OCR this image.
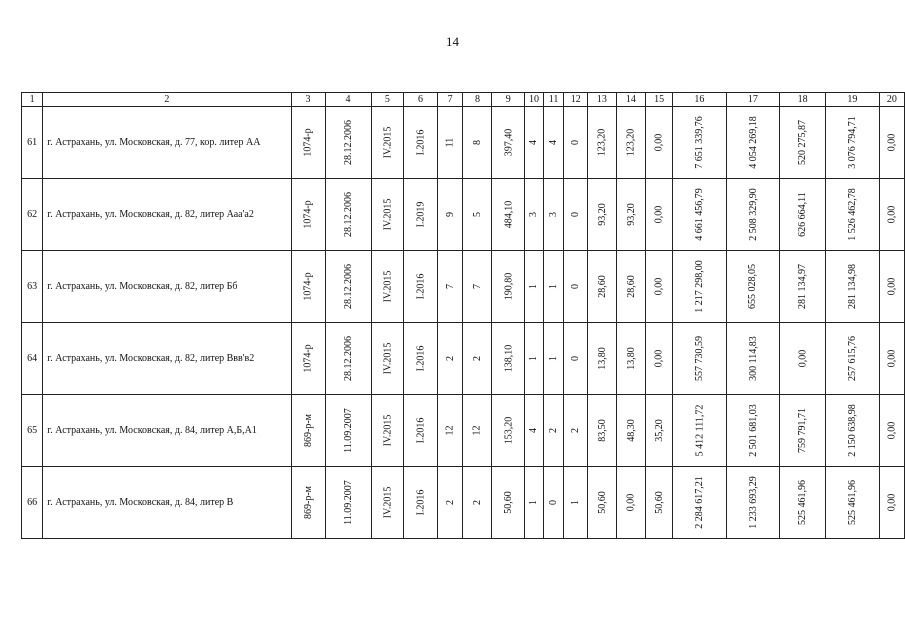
14
1	2	3	4	5	6	7	8	9	10	11	12	13	14	15	16	17	18	19	20
61	г. Астрахань, ул. Московская, д. 77, кор. литер АА	1074-р	28.12.2006	IV.2015	I.2016	11	8	397,40	4	4	0	123,20	123,20	0,00	7 651 339,76	4 054 269,18	520 275,87	3 076 794,71	0,00
62	г. Астрахань, ул. Московская, д. 82, литер Ааа'а2	1074-р	28.12.2006	IV.2015	I.2019	9	5	484,10	3	3	0	93,20	93,20	0,00	4 661 456,79	2 508 329,90	626 664,11	1 526 462,78	0,00
63	г. Астрахань, ул. Московская, д. 82, литер Бб	1074-р	28.12.2006	IV.2015	I.2016	7	7	190,80	1	1	0	28,60	28,60	0,00	1 217 298,00	655 028,05	281 134,97	281 134,98	0,00
64	г. Астрахань, ул. Московская, д. 82, литер Ввв'в2	1074-р	28.12.2006	IV.2015	I.2016	2	2	138,10	1	1	0	13,80	13,80	0,00	557 730,59	300 114,83	0,00	257 615,76	0,00
65	г. Астрахань, ул. Московская, д. 84, литер А,Б,А1	869-р-м	11.09.2007	IV.2015	I.2016	12	12	153,20	4	2	2	83,50	48,30	35,20	5 412 111,72	2 501 681,03	759 791,71	2 150 638,98	0,00
66	г. Астрахань, ул. Московская, д. 84, литер В	869-р-м	11.09.2007	IV.2015	I.2016	2	2	50,60	1	0	1	50,60	0,00	50,60	2 284 617,21	1 233 693,29	525 461,96	525 461,96	0,00
